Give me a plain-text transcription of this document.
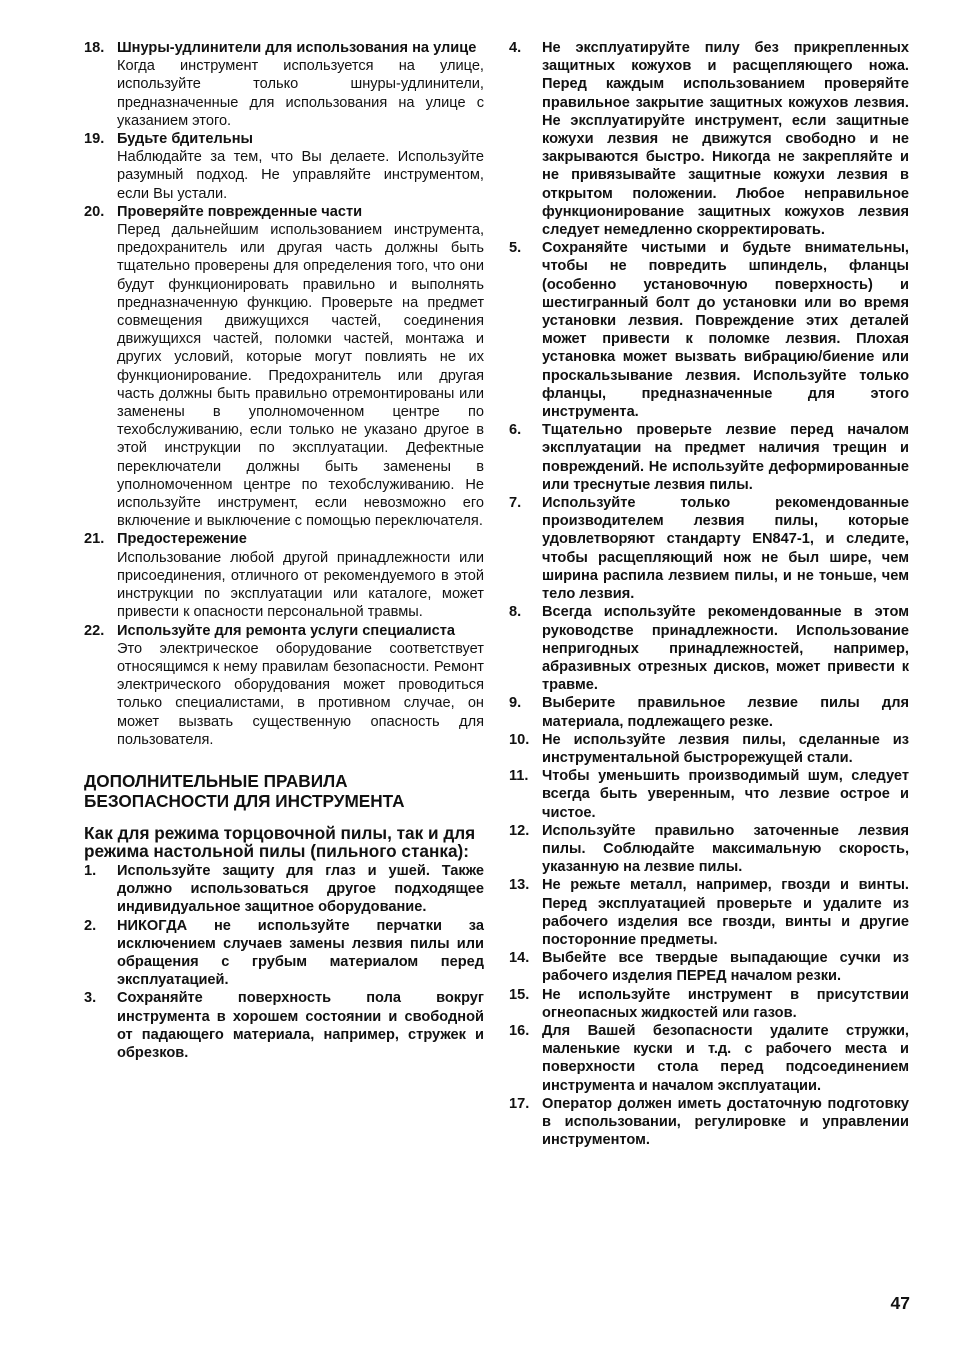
18. Шнуры-удлинители для использования на улице
Когда инструмент используется на улице, используйте только шнуры-удлинители, предназначенные для использования на улице с указанием этого.
19. Будьте бдительны
Наблюдайте за тем, что Вы делаете. Используйте разумный подход. Не управляйте инструментом, если Вы устали.
20. Проверяйте поврежденные части
Перед дальнейшим использованием инструмента, предохранитель или другая часть должны быть тщательно проверены для определения того, что они будут функционировать правильно и выполнять предназначенную функцию. Проверьте на предмет совмещения движущихся частей, соединения движущихся частей, поломки частей, монтажа и других условий, которые могут повлиять не их функционирование. Предохранитель или другая часть должны быть правильно отремонтированы или заменены в уполномоченном центре по техобслуживанию, если только не указано другое в этой инструкции по эксплуатации. Дефектные переключатели должны быть заменены в уполномоченном центре по техобслуживанию. Не используйте инструмент, если невозможно его включение и выключение с помощью переключателя.
21. Предостережение
Использование любой другой принадлежности или присоединения, отличного от рекомендуемого в этой инструкции по эксплуатации или каталоге, может привести к опасности персональной травмы.
22. Используйте для ремонта услуги специалиста
Это электрическое оборудование соответствует относящимся к нему правилам безопасности. Ремонт электрического оборудования может проводиться только специалистами, в противном случае, он может вызвать существенную опасность для пользователя.
ДОПОЛНИТЕЛЬНЫЕ ПРАВИЛА БЕЗОПАСНОСТИ ДЛЯ ИНСТРУМЕНТА
Как для режима торцовочной пилы, так и для режима настольной пилы (пильного станка):
1.	Используйте защиту для глаз и ушей. Также должно использоваться другое подходящее индивидуальное защитное оборудование.
2.	НИКОГДА не используйте перчатки за исключением случаев замены лезвия пилы или обращения с грубым материалом перед эксплуатацией.
3.	Сохраняйте поверхность пола вокруг инструмента в хорошем состоянии и свободной от падающего материала, например, стружек и обрезков.
4.	Не эксплуатируйте пилу без прикрепленных защитных кожухов и расщепляющего ножа. Перед каждым использованием проверяйте правильное закрытие защитных кожухов лезвия. Не эксплуатируйте инструмент, если защитные кожухи лезвия не движутся свободно и не закрываются быстро. Никогда не закрепляйте и не привязывайте защитные кожухи лезвия в открытом положении. Любое неправильное функционирование защитных кожухов лезвия следует немедленно скорректировать.
5.	Сохраняйте чистыми и будьте внимательны, чтобы не повредить шпиндель, фланцы (особенно установочную поверхность) и шестигранный болт до установки или во время установки лезвия. Повреждение этих деталей может привести к поломке лезвия. Плохая установка может вызвать вибрацию/биение или проскальзывание лезвия. Используйте только фланцы, предназначенные для этого инструмента.
6.	Тщательно проверьте лезвие перед началом эксплуатации на предмет наличия трещин и повреждений. Не используйте деформированные или треснутые лезвия пилы.
7.	Используйте только рекомендованные производителем лезвия пилы, которые удовлетворяют стандарту EN847-1, и следите, чтобы расщепляющий нож не был шире, чем ширина распила лезвием пилы, и не тоньше, чем тело лезвия.
8.	Всегда используйте рекомендованные в этом руководстве принадлежности. Использование непригодных принадлежностей, например, абразивных отрезных дисков, может привести к травме.
9.	Выберите правильное лезвие пилы для материала, подлежащего резке.
10. Не используйте лезвия пилы, сделанные из инструментальной быстрорежущей стали.
11. Чтобы уменьшить производимый шум, следует всегда быть уверенным, что лезвие острое и чистое.
12. Используйте правильно заточенные лезвия пилы. Соблюдайте максимальную скорость, указанную на лезвие пилы.
13. Не режьте металл, например, гвозди и винты. Перед эксплуатацией проверьте и удалите из рабочего изделия все гвозди, винты и другие посторонние предметы.
14. Выбейте все твердые выпадающие сучки из рабочего изделия ПЕРЕД началом резки.
15. Не используйте инструмент в присутствии огнеопасных жидкостей или газов.
16. Для Вашей безопасности удалите стружки, маленькие куски и т.д. с рабочего места и поверхности стола перед подсоединением инструмента и началом эксплуатации.
17. Оператор должен иметь достаточную подготовку в использовании, регулировке и управлении инструментом.
47
